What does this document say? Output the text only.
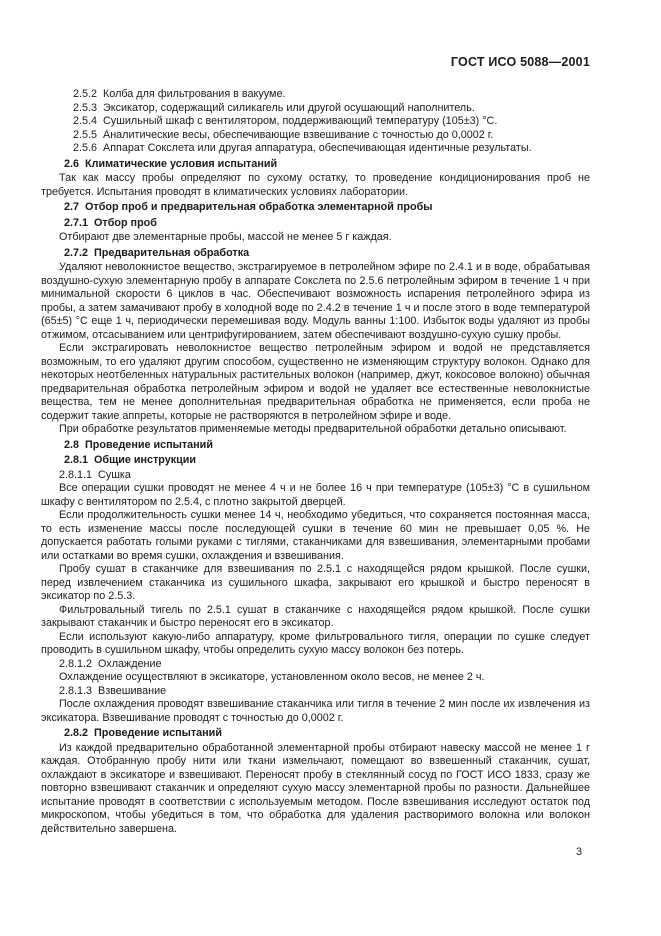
ГОСТ ИСО 5088—2001
2.5.2  Колба для фильтрования в вакууме.
2.5.3  Эксикатор, содержащий силикагель или другой осушающий наполнитель.
2.5.4  Сушильный шкаф с вентилятором, поддерживающий температуру (105±3) °С.
2.5.5  Аналитические весы, обеспечивающие взвешивание с точностью до 0,0002 г.
2.5.6  Аппарат Сокслета или другая аппаратура, обеспечивающая идентичные результаты.
2.6  Климатические условия испытаний
Так как массу пробы определяют по сухому остатку, то проведение кондиционирования проб не требуется. Испытания проводят в климатических условиях лаборатории.
2.7  Отбор проб и предварительная обработка элементарной пробы
2.7.1  Отбор проб
Отбирают две элементарные пробы, массой не менее 5 г каждая.
2.7.2  Предварительная обработка
Удаляют неволокнистое вещество, экстрагируемое в петролейном эфире по 2.4.1 и в воде, обрабатывая воздушно-сухую элементарную пробу в аппарате Сокслета по 2.5.6 петролейным эфиром в течение 1 ч при минимальной скорости 6 циклов в час. Обеспечивают возможность испарения петролейного эфира из пробы, а затем замачивают пробу в холодной воде по 2.4.2 в течение 1 ч и после этого в воде температурой (65±5) °С еще 1 ч, периодически перемешивая воду. Модуль ванны 1:100. Избыток воды удаляют из пробы отжимом, отсасыванием или центрифугированием, затем обеспечивают воздушно-сухую сушку пробы.
Если экстрагировать неволокнистое вещество петролейным эфиром и водой не представляется возможным, то его удаляют другим способом, существенно не изменяющим структуру волокон. Однако для некоторых неотбеленных натуральных растительных волокон (например, джут, кокосовое волокно) обычная предварительная обработка петролейным эфиром и водой не удаляет все естественные неволокнистые вещества, тем не менее дополнительная предварительная обработка не применяется, если проба не содержит такие аппреты, которые не растворяются в петролейном эфире и воде.
При обработке результатов применяемые методы предварительной обработки детально описывают.
2.8  Проведение испытаний
2.8.1  Общие инструкции
2.8.1.1  Сушка
Все операции сушки проводят не менее 4 ч и не более 16 ч при температуре (105±3) °С в сушильном шкафу с вентилятором по 2.5.4, с плотно закрытой дверцей.
Если продолжительность сушки менее 14 ч, необходимо убедиться, что сохраняется постоянная масса, то есть изменение массы после последующей сушки в течение 60 мин не превышает 0,05 %. Не допускается работать голыми руками с тиглями, стаканчиками для взвешивания, элементарными пробами или остатками во время сушки, охлаждения и взвешивания.
Пробу сушат в стаканчике для взвешивания по 2.5.1 с находящейся рядом крышкой. После сушки, перед извлечением стаканчика из сушильного шкафа, закрывают его крышкой и быстро переносят в эксикатор по 2.5.3.
Фильтровальный тигель по 2.5.1 сушат в стаканчике с находящейся рядом крышкой. После сушки закрывают стаканчик и быстро переносят его в эксикатор.
Если используют какую-либо аппаратуру, кроме фильтровального тигля, операции по сушке следует проводить в сушильном шкафу, чтобы определить сухую массу волокон без потерь.
2.8.1.2  Охлаждение
Охлаждение осуществляют в эксикаторе, установленном около весов, не менее 2 ч.
2.8.1.3  Взвешивание
После охлаждения проводят взвешивание стаканчика или тигля в течение 2 мин после их извлечения из эксикатора. Взвешивание проводят с точностью до 0,0002 г.
2.8.2  Проведение испытаний
Из каждой предварительно обработанной элементарной пробы отбирают навеску массой не менее 1 г каждая. Отобранную пробу нити или ткани измельчают, помещают во взвешенный стаканчик, сушат, охлаждают в эксикаторе и взвешивают. Переносят пробу в стеклянный сосуд по ГОСТ ИСО 1833, сразу же повторно взвешивают стаканчик и определяют сухую массу элементарной пробы по разности. Дальнейшее испытание проводят в соответствии с используемым методом. После взвешивания исследуют остаток под микроскопом, чтобы убедиться в том, что обработка для удаления растворимого волокна или волокон действительно завершена.
3
